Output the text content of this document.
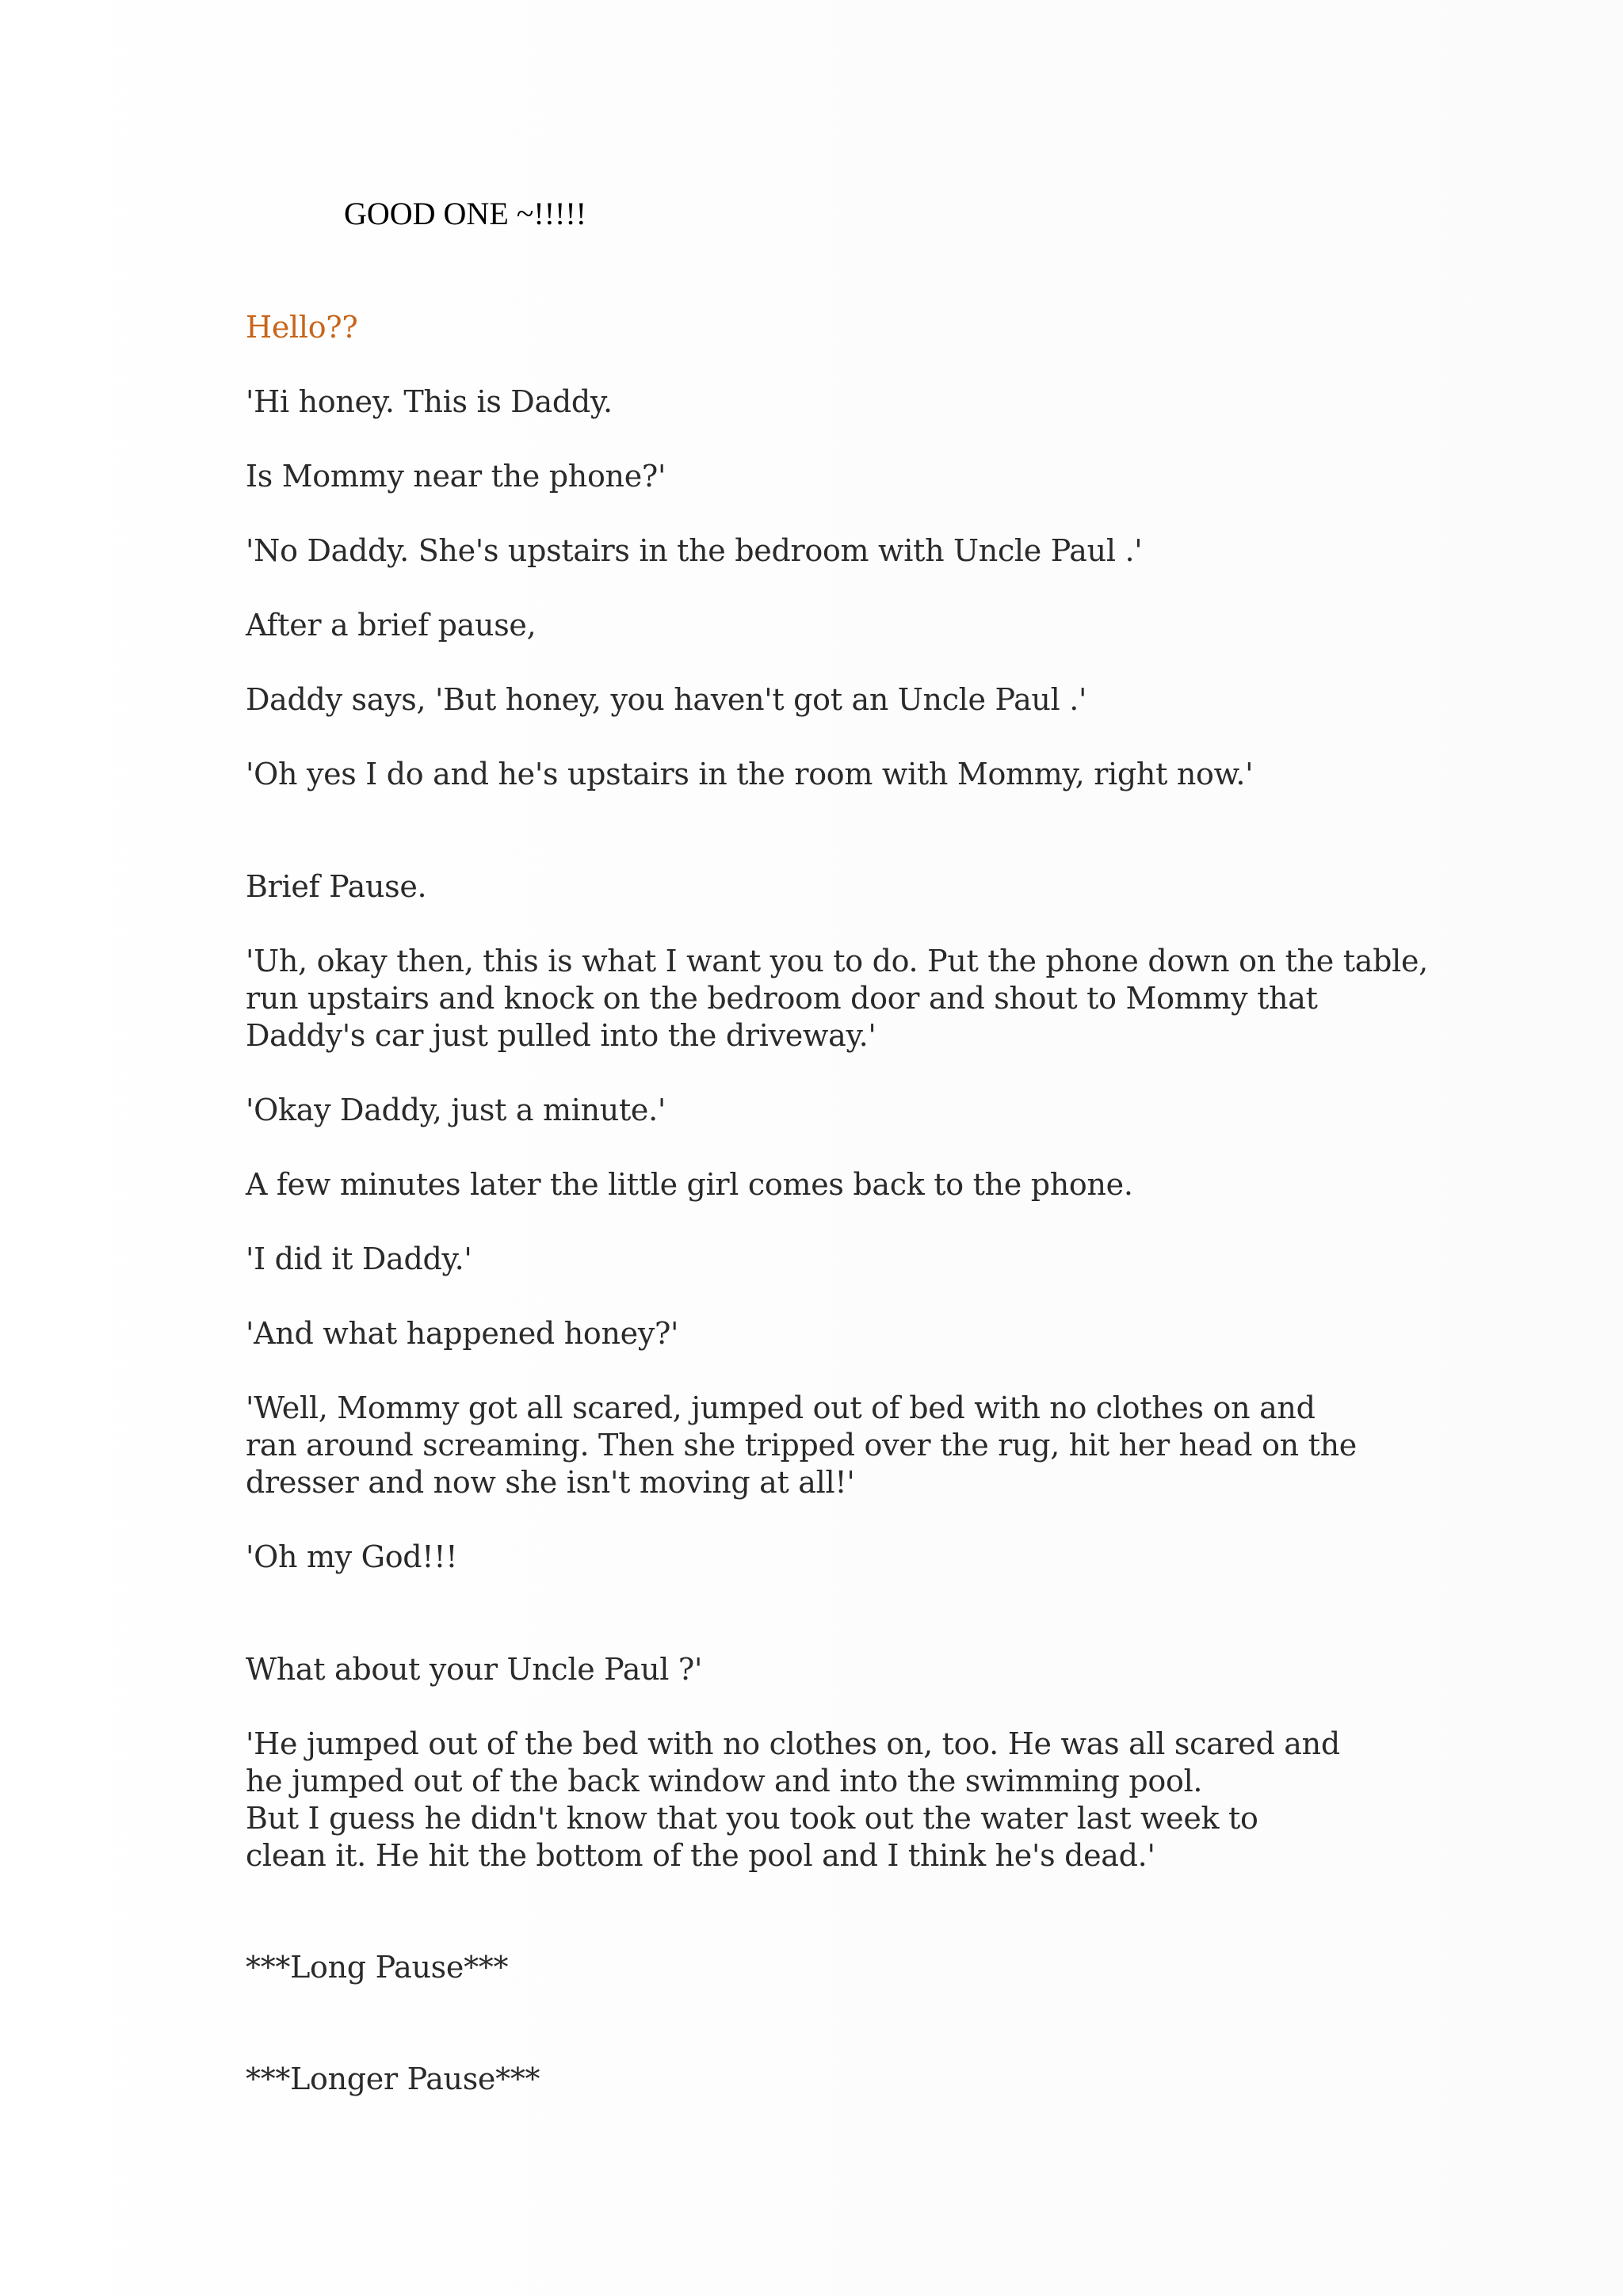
GOOD ONE ~!!!!!
Hello??
'Hi honey. This is Daddy.
Is Mommy near the phone?'
'No Daddy. She's upstairs in the bedroom with Uncle Paul .'
After a brief pause,
Daddy says, 'But honey, you haven't got an Uncle Paul .'
'Oh yes I do and he's upstairs in the room with Mommy, right now.'
Brief Pause.
'Uh, okay then, this is what I want you to do. Put the phone down on the table,
run upstairs and knock on the bedroom door and shout to Mommy that
Daddy's car just pulled into the driveway.'
'Okay Daddy, just a minute.'
A few minutes later the little girl comes back to the phone.
'I did it Daddy.'
'And what happened honey?'
'Well, Mommy got all scared, jumped out of bed with no clothes on and
ran around screaming. Then she tripped over the rug, hit her head on the
dresser and now she isn't moving at all!'
'Oh my God!!!
What about your Uncle Paul ?'
'He jumped out of the bed with no clothes on, too. He was all scared and
he jumped out of the back window and into the swimming pool.
But I guess he didn't know that you took out the water last week to
clean it. He hit the bottom of the pool and I think he's dead.'
***Long Pause***
***Longer Pause***
